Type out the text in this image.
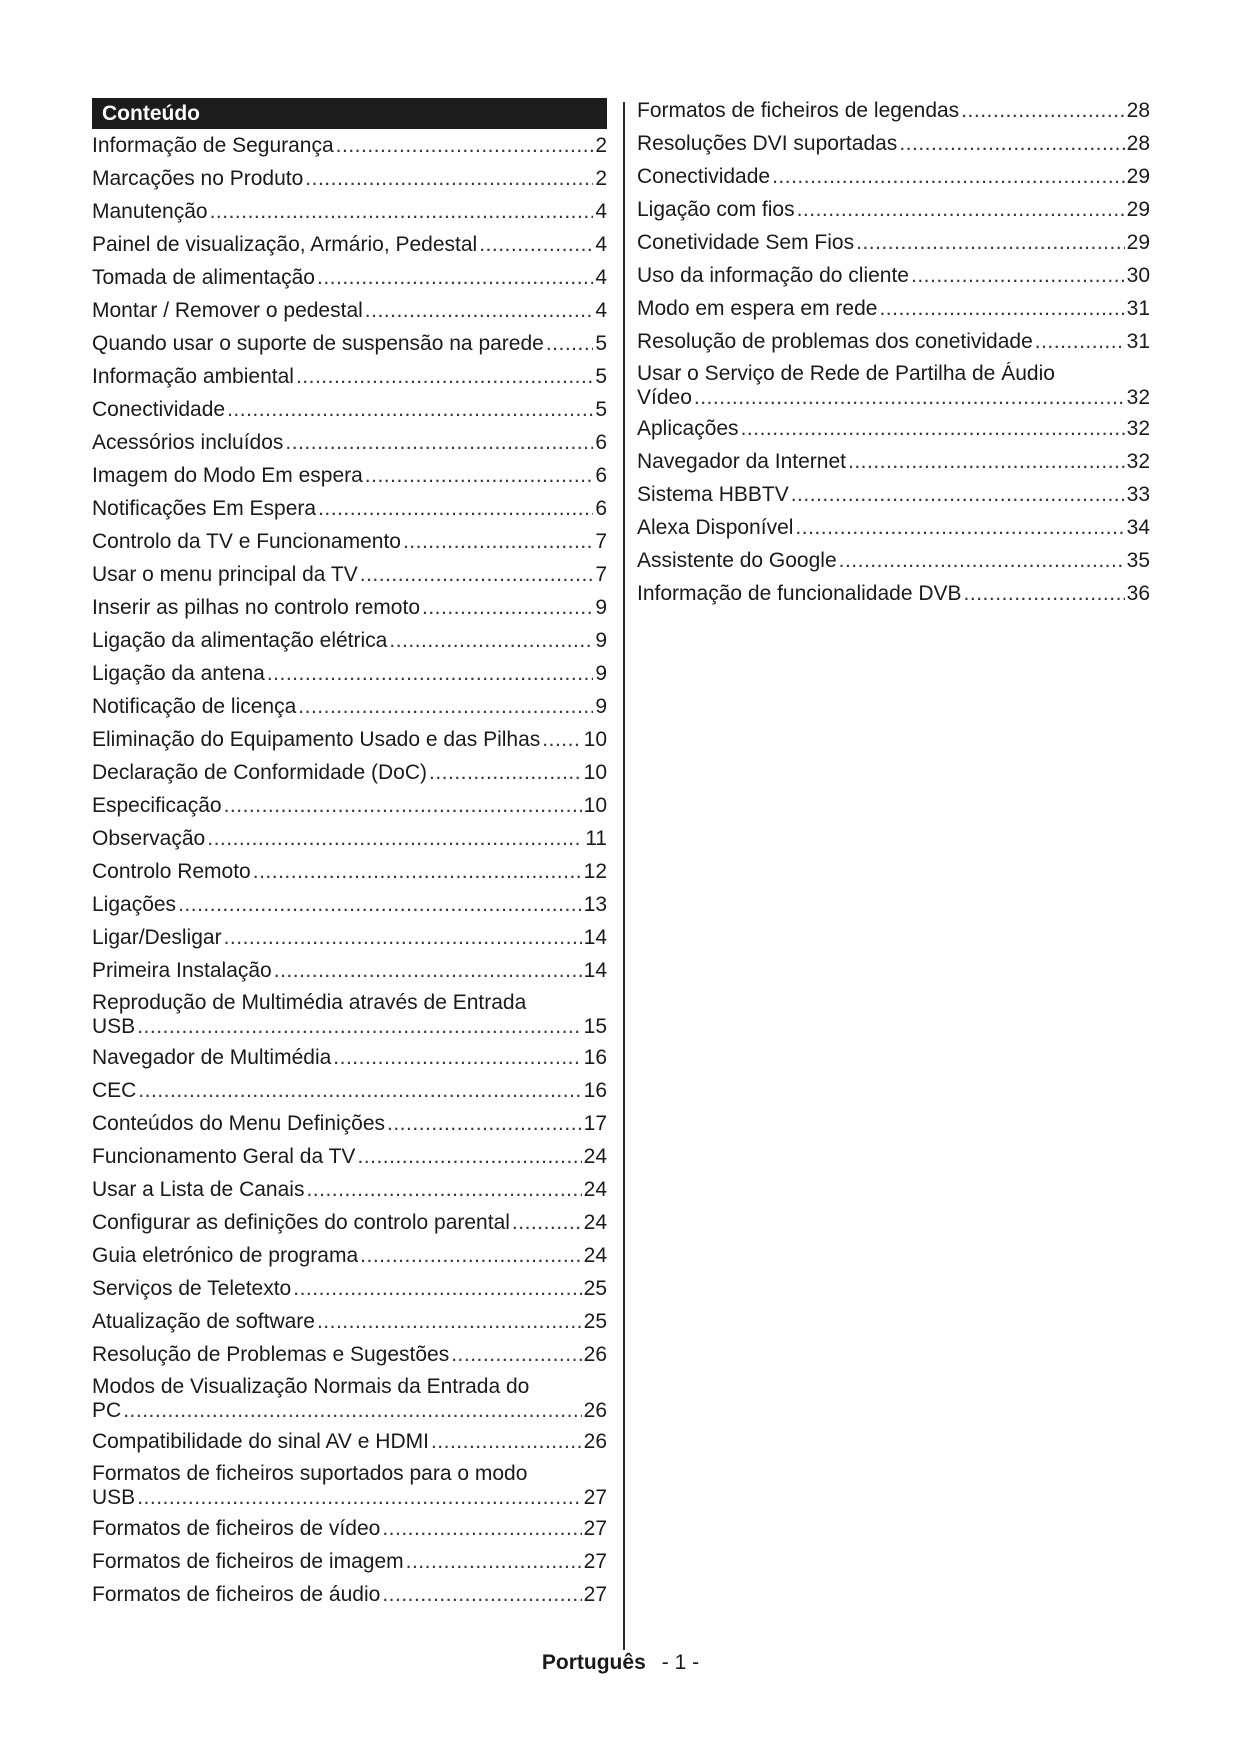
Conteúdo
Informação de Segurança .....	2
Marcações no Produto .....	2
Manutenção .....	4
Painel de visualização, Armário, Pedestal .....	4
Tomada de alimentação .....	4
Montar / Remover o pedestal .....	4
Quando usar o suporte de suspensão na parede ..... 5
Informação ambiental .....	5
Conectividade .....	5
Acessórios incluídos .....	6
Imagem do Modo Em espera .....	6
Notificações Em Espera .....	6
Controlo da TV e Funcionamento .....	7
Usar o menu principal da TV .....	7
Inserir as pilhas no controlo remoto .....	9
Ligação da alimentação elétrica .....	9
Ligação da antena .....	9
Notificação de licença .....	9
Eliminação do Equipamento Usado e das Pilhas ..... 10
Declaração de Conformidade (DoC) .....	10
Especificação .....	10
Observação .....	11
Controlo Remoto .....	12
Ligações .....	13
Ligar/Desligar .....	14
Primeira Instalação .....	14
Reprodução de Multimédia através de Entrada
USB .....	15
Navegador de Multimédia .....	16
CEC .....	16
Conteúdos do Menu Definições .....	17
Funcionamento Geral da TV .....	24
Usar a Lista de Canais .....	24
Configurar as definições do controlo parental .....	24
Guia eletrónico de programa .....	24
Serviços de Teletexto .....	25
Atualização de software .....	25
Resolução de Problemas e Sugestões .....	26
Modos de Visualização Normais da Entrada do
PC .....	26
Compatibilidade do sinal AV e HDMI .....	26
Formatos de ficheiros suportados para o modo
USB .....	27
Formatos de ficheiros de vídeo .....	27
Formatos de ficheiros de imagem .....	27
Formatos de ficheiros de áudio .....	27
Formatos de ficheiros de legendas .....	28
Resoluções DVI suportadas .....	28
Conectividade .....	29
Ligação com fios .....	29
Conetividade Sem Fios .....	29
Uso da informação do cliente .....	30
Modo em espera em rede .....	31
Resolução de problemas dos conetividade .....	31
Usar o Serviço de Rede de Partilha de Áudio
Vídeo .....	32
Aplicações .....	32
Navegador da Internet .....	32
Sistema HBBTV .....	33
Alexa Disponível .....	34
Assistente do Google .....	35
Informação de funcionalidade DVB .....	36
Português - 1 -
